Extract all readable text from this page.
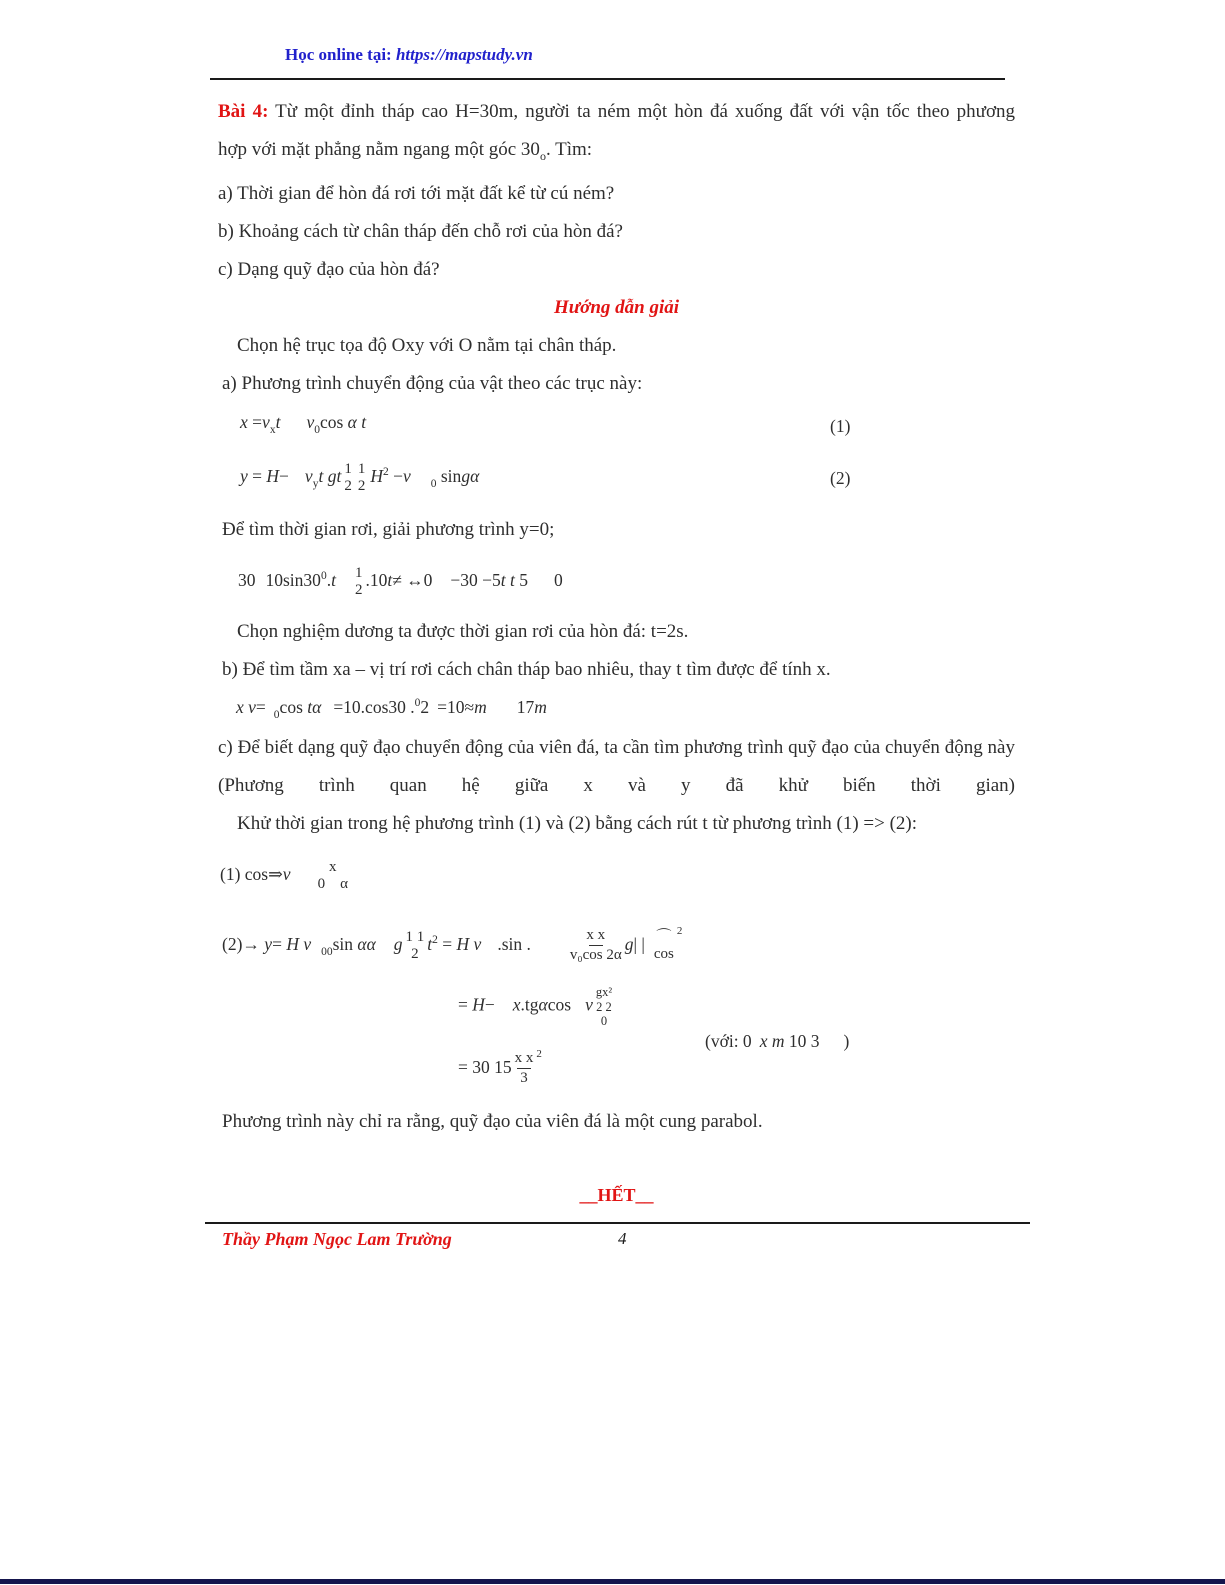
Học online tại: https://mapstudy.vn

Bài 4: Từ một đỉnh tháp cao H=30m, người ta ném một hòn đá xuống đất với vận tốc theo phương
hợp với mặt phẳng nằm ngang một góc $30_o$. Tìm:

a) Thời gian để hòn đá rơi tới mặt đất kể từ cú ném?

b) Khoảng cách từ chân tháp đến chỗ rơi của hòn đá?

c) Dạng quỹ đạo của hòn đá?

Hướng dẫn giải

Chọn hệ trục tọa độ Oxy với O nằm tại chân tháp.

a) Phương trình chuyển động của vật theo các trục này:

$x =v_xt$ $v_0\cos$ α t	(1)
$y = H- v_yt$ gt 1
2
1
2 $H^2 -v$ $_0$ singα	(2)

Để tìm thời gian rơi, giải phương trình y=0;

30 $10\sin 30^0.t$ 1
2 .10t≠ ↔0 −30 −5t t 5 0

Chọn nghiệm dương ta được thời gian rơi của hòn đá: t=2s.

b) Để tìm tầm xa – vị trí rơi cách chân tháp bao nhiêu, thay t tìm được để tính x.

x v= $_0$cos tα =10.cos30 .$^0$2 =10≈m 17m

c) Để biết dạng quỹ đạo chuyển động của viên đá, ta cần tìm phương trình quỹ đạo của chuyển động này (Phương trình quan hệ giữa x và y đã khử biến thời gian)

Khử thời gian trong hệ phương trình (1) và (2) bằng cách rút t từ phương trình (1) => (2):

(1) cos⇒v	x
0    α
(2)→ y= H v $_{00}$sin αα g 1 1
2 $t^2 = H$ v .sin . $\frac{\text{x x}}{\text{v₀cos 2α}} g|$ | ⌒
cos
$^2$
= H− x.tgαcos v
gx²
2 2
0
(với: 0 x m 10 3 )
= 30 $15 \frac{\text{x x}}{3} ^2$

Phương trình này chỉ ra rằng, quỹ đạo của viên đá là một cung parabol.

__HẾT__
Thầy Phạm Ngọc Lam Trường	4
